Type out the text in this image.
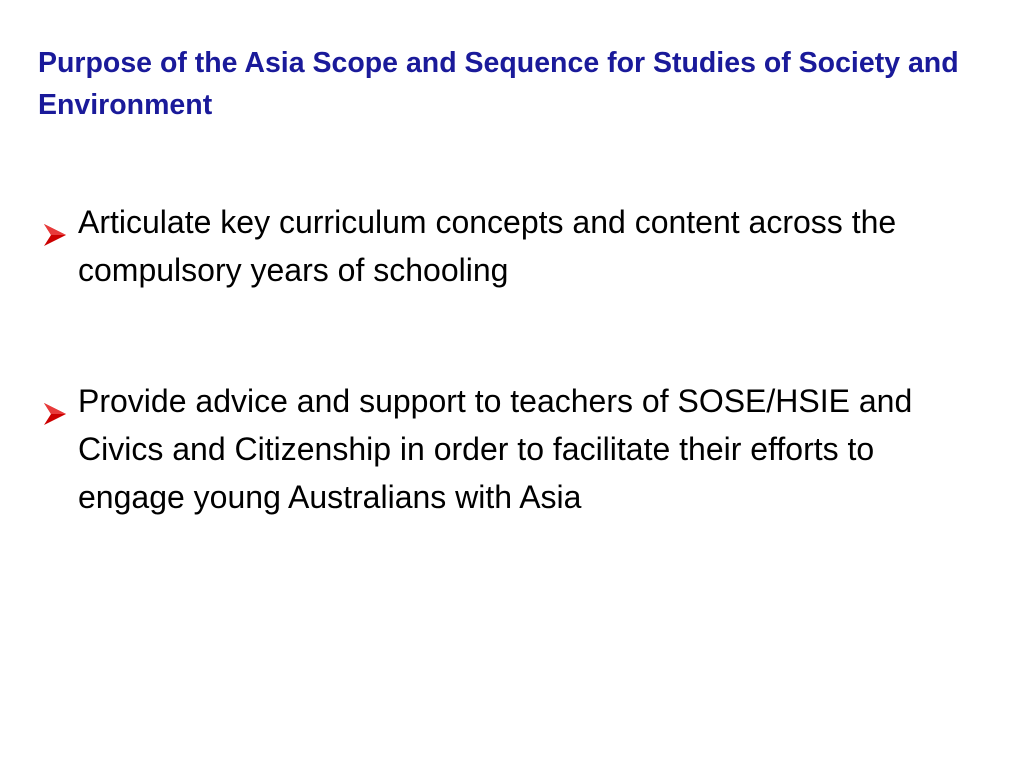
Purpose of the Asia Scope and Sequence for Studies of Society and Environment
Articulate key curriculum concepts and content across the compulsory years of schooling
Provide advice and support to teachers of SOSE/HSIE and Civics and Citizenship in order to facilitate their efforts to engage young Australians with Asia
